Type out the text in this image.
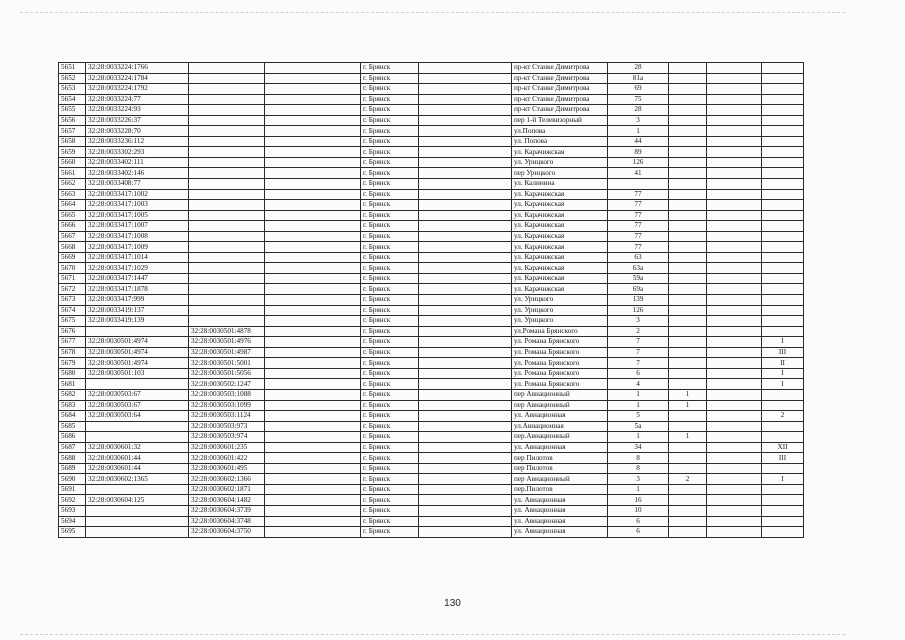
5651	32:28:0033224:1766			г. Брянск		пр-кт Станке Димитрова	28			
5652	32:28:0033224:1784			г. Брянск		пр-кт Станке Димитрова	81а			
5653	32:28:0033224:1792			г. Брянск		пр-кт Станке Димитрова	69			
5654	32:28:0033224:77			г. Брянск		пр-кт Станке Димитрова	75			
5655	32:28:0033224:93			г. Брянск		пр-кт Станке Димитрова	28			
5656	32:28:0033226:37			г. Брянск		пер 1-й Телевизорный	3			
5657	32:28:0033228:70			г. Брянск		ул.Попова	1			
5658	32:28:0033236:112			г. Брянск		ул. Попова	44			
5659	32:28:0033302:293			г. Брянск		ул. Карачижская	89			
5660	32:28:0033402:111			г. Брянск		ул. Урицкого	126			
5661	32:28:0033402:146			г. Брянск		пер Урицкого	41			
5662	32:28:0033408:77			г. Брянск		ул. Калинина				
5663	32:28:0033417:1002			г. Брянск		ул. Карачижская	77			
5664	32:28:0033417:1003			г. Брянск		ул. Карачижская	77			
5665	32:28:0033417:1005			г. Брянск		ул. Карачижская	77			
5666	32:28:0033417:1007			г. Брянск		ул. Карачижская	77			
5667	32:28:0033417:1008			г. Брянск		ул. Карачижская	77			
5668	32:28:0033417:1009			г. Брянск		ул. Карачижская	77			
5669	32:28:0033417:1014			г. Брянск		ул. Карачижская	63			
5670	32:28:0033417:1029			г. Брянск		ул. Карачижская	63а			
5671	32:28:0033417:1447			г. Брянск		ул. Карачижская	59а			
5672	32:28:0033417:1878			г. Брянск		ул. Карачижская	69а			
5673	32:28:0033417:999			г. Брянск		ул. Урицкого	139			
5674	32:28:0033419:137			г. Брянск		ул. Урицкого	126			
5675	32:28:0033419:139			г. Брянск		ул. Урицкого	3			
5676		32:28:0030501:4878		г. Брянск		ул.Романа Брянского	2			
5677	32:28:0030501:4974	32:28:0030501:4976		г. Брянск		ул. Романа Брянского	7			I
5678	32:28:0030501:4974	32:28:0030501:4987		г. Брянск		ул. Романа Брянского	7			III
5679	32:28:0030501:4974	32:28:0030501:5001		г. Брянск		ул. Романа Брянского	7			II
5680	32:28:0030501:103	32:28:0030501:5056		г. Брянск		ул. Романа Брянского	6			I
5681		32:28:0030502:1247		г. Брянск		ул. Романа Брянского	4			I
5682	32:28:0030503:67	32:28:0030503:1088		г. Брянск		пер Авиационный	1	1		
5683	32:28:0030503:67	32:28:0030503:1099		г. Брянск		пер Авиационный	1	1		
5684	32:28:0030503:64	32:28:0030503:1124		г. Брянск		ул. Авиационная	5			2
5685		32:28:0030503:973		г. Брянск		ул.Авиационная	5а			
5686		32:28:0030503:974		г. Брянск		пер.Авиационный	1	1		
5687	32:28:0030601:32	32:28:0030601:235		г. Брянск		ул. Авиационная	34			XII
5688	32:28:0030601:44	32:28:0030601:422		г. Брянск		пер Пилотов	8			III
5689	32:28:0030601:44	32:28:0030601:495		г. Брянск		пер Пилотов	8			
5690	32:28:0030602:1365	32:28:0030602:1366		г. Брянск		пер Авиационный	3	2		I
5691		32:28:0030602:1871		г. Брянск		пер.Пилотов	1			
5692	32:28:0030604:125	32:28:0030604:1482		г. Брянск		ул. Авиационная	16			
5693		32:28:0030604:3739		г. Брянск		ул. Авиационная	10			
5694		32:28:0030604:3748		г. Брянск		ул. Авиационная	6			
5695		32:28:0030604:3750		г. Брянск		ул. Авиационная	6			
130
